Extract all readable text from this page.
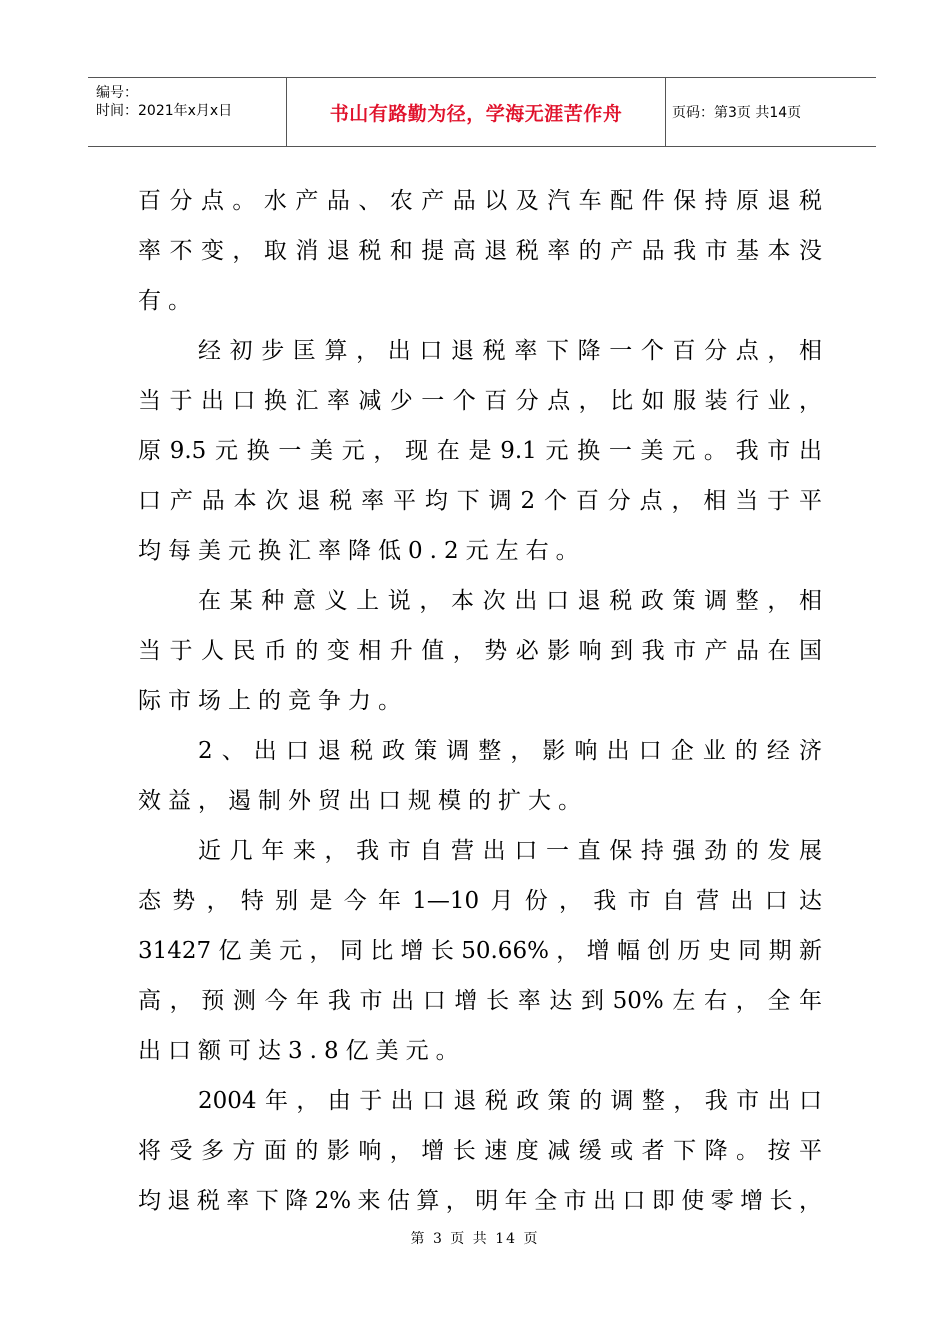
编号：
时间：2021年x月x日	书山有路勤为径，学海无涯苦作舟	页码：第3页 共14页
百分点。水产品、农产品以及汽车配件保持原退税
率不变，取消退税和提高退税率的产品我市基本没
有。
经初步匡算，出口退税率下降一个百分点，相
当于出口换汇率减少一个百分点，比如服装行业，
原9.5元换一美元，现在是9.1元换一美元。我市出
口产品本次退税率平均下调2个百分点，相当于平
均每美元换汇率降低0.2元左右。
在某种意义上说，本次出口退税政策调整，相
当于人民币的变相升值，势必影响到我市产品在国
际市场上的竞争力。
2、出口退税政策调整，影响出口企业的经济
效益，遏制外贸出口规模的扩大。
近几年来，我市自营出口一直保持强劲的发展
态势，特别是今年1—10月份，我市自营出口达
31427亿美元，同比增长50.66%，增幅创历史同期新
高，预测今年我市出口增长率达到50%左右，全年
出口额可达3.8亿美元。
2004年，由于出口退税政策的调整，我市出口
将受多方面的影响，增长速度减缓或者下降。按平
均退税率下降2%来估算，明年全市出口即使零增长，
第 3 页 共 14 页
